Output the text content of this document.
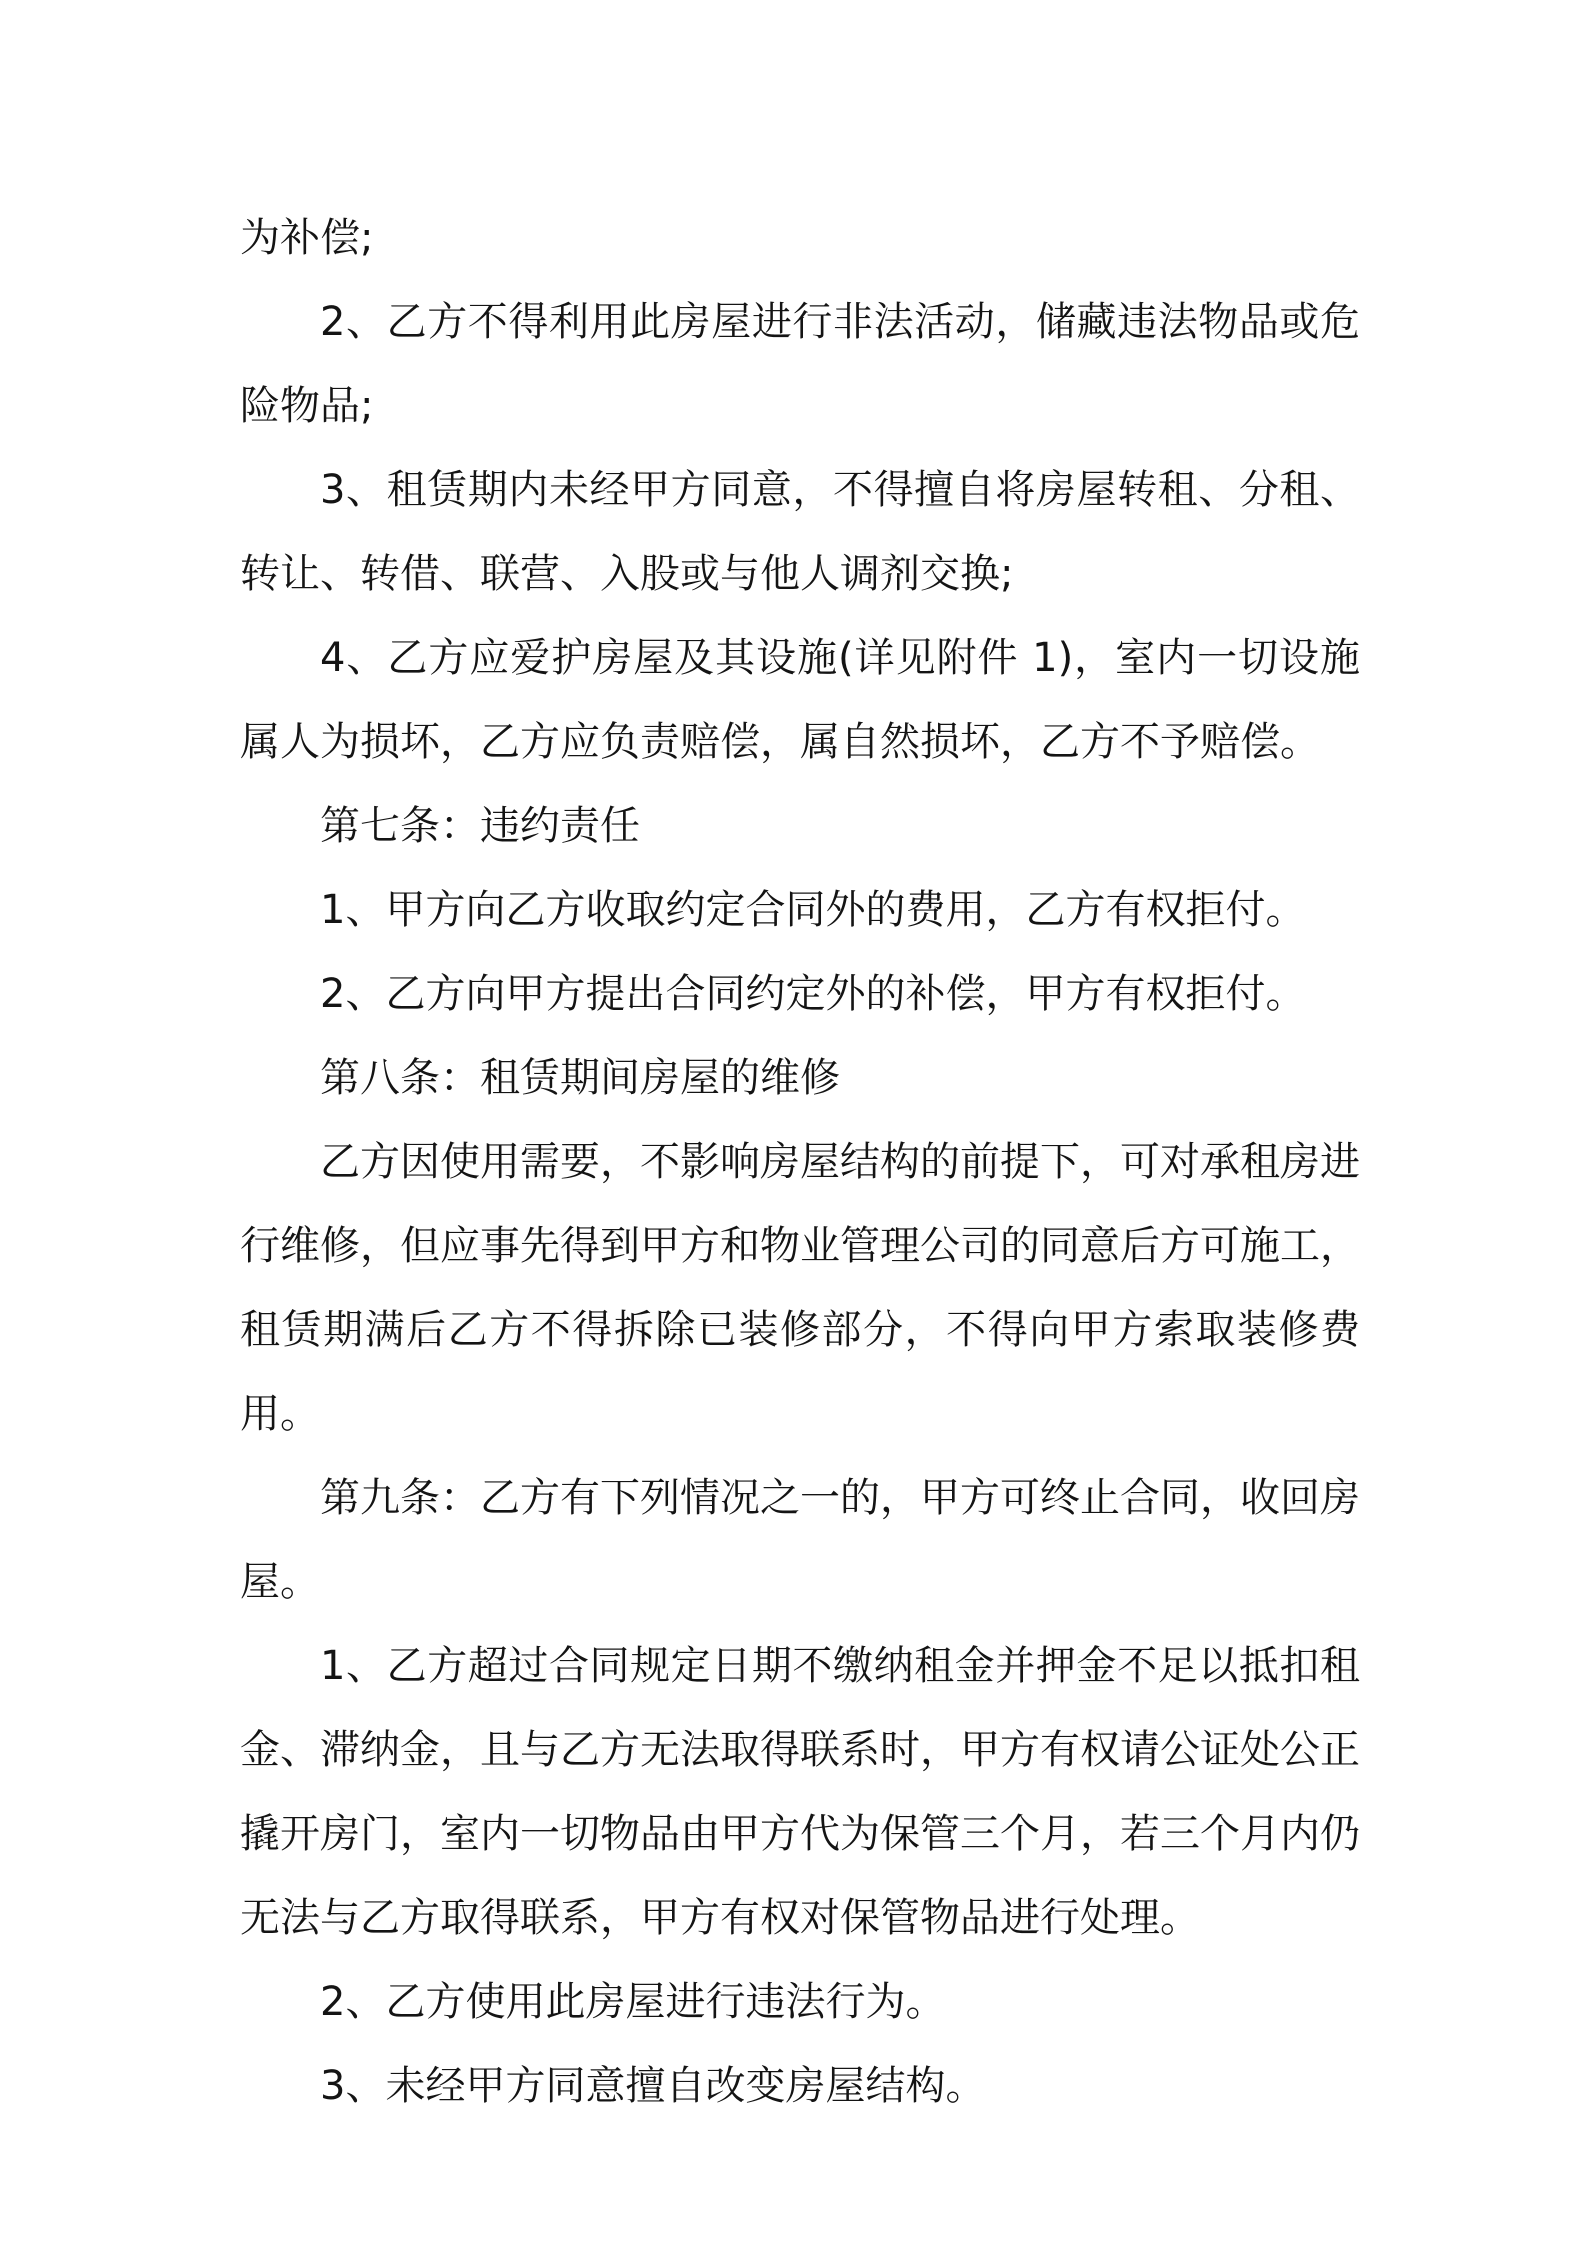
为补偿;

2、乙方不得利用此房屋进行非法活动，储藏违法物品或危险物品;

3、租赁期内未经甲方同意，不得擅自将房屋转租、分租、转让、转借、联营、入股或与他人调剂交换;

4、乙方应爱护房屋及其设施(详见附件 1)，室内一切设施属人为损坏，乙方应负责赔偿，属自然损坏，乙方不予赔偿。

第七条：违约责任

1、甲方向乙方收取约定合同外的费用，乙方有权拒付。

2、乙方向甲方提出合同约定外的补偿，甲方有权拒付。

第八条：租赁期间房屋的维修

乙方因使用需要，不影响房屋结构的前提下，可对承租房进行维修，但应事先得到甲方和物业管理公司的同意后方可施工，租赁期满后乙方不得拆除已装修部分，不得向甲方索取装修费用。

第九条：乙方有下列情况之一的，甲方可终止合同，收回房屋。

1、乙方超过合同规定日期不缴纳租金并押金不足以抵扣租金、滞纳金，且与乙方无法取得联系时，甲方有权请公证处公正撬开房门，室内一切物品由甲方代为保管三个月，若三个月内仍无法与乙方取得联系，甲方有权对保管物品进行处理。

2、乙方使用此房屋进行违法行为。

3、未经甲方同意擅自改变房屋结构。
